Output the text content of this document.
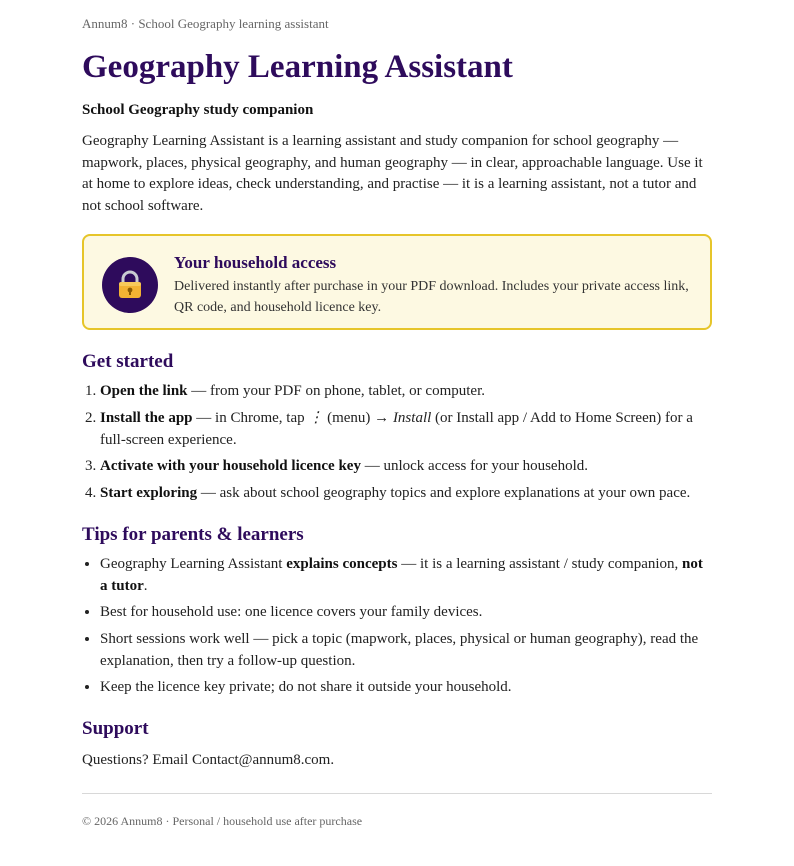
Annum8 · School Geography learning assistant
Geography Learning Assistant
School Geography study companion

Geography Learning Assistant is a learning assistant and study companion for school geography — mapwork, places, physical geography, and human geography — in clear, approachable language. Use it at home to explore ideas, check understanding, and practise — it is a learning assistant, not a tutor and not school software.

Your household access
Delivered instantly after purchase in your PDF download. Includes your private access link, QR code, and household licence key.
Get started
1. Open the link — from your PDF on phone, tablet, or computer.
2. Install the app — in Chrome, tap ⋮ (menu) → Install (or Install app / Add to Home Screen) for a full-screen experience.
3. Activate with your household licence key — unlock access for your household.
4. Start exploring — ask about school geography topics and explore explanations at your own pace.
Tips for parents & learners
• Geography Learning Assistant explains concepts — it is a learning assistant / study companion, not a tutor.
• Best for household use: one licence covers your family devices.
• Short sessions work well — pick a topic (mapwork, places, physical or human geography), read the explanation, then try a follow-up question.
• Keep the licence key private; do not share it outside your household.
Support
Questions? Email Contact@annum8.com.
© 2026 Annum8 · Personal / household use after purchase
